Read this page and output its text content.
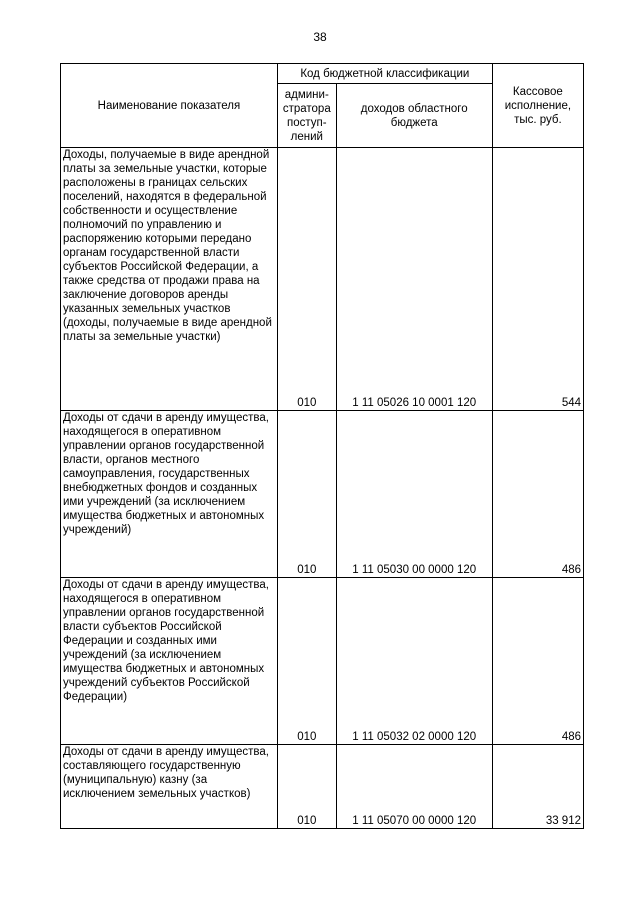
38
Наименование показателя	Код бюджетной классификации		Кассовое исполнение, тыс. руб.
	админи-стратора поступ-лений	доходов областного бюджета	
Доходы, получаемые в виде арендной платы за земельные участки, которые расположены в границах сельских поселений, находятся в федеральной собственности и осуществление полномочий по управлению и распоряжению которыми передано органам государственной власти субъектов Российской Федерации, а также средства от продажи права на заключение договоров аренды указанных земельных участков (доходы, получаемые в виде арендной платы за земельные участки)	010	1 11 05026 10 0001 120	544
Доходы от сдачи в аренду имущества, находящегося в оперативном управлении органов государственной власти, органов местного самоуправления, государственных внебюджетных фондов и созданных ими учреждений (за исключением имущества бюджетных и автономных учреждений)	010	1 11 05030 00 0000 120	486
Доходы от сдачи в аренду имущества, находящегося в оперативном управлении органов государственной власти субъектов Российской Федерации и созданных ими учреждений (за исключением имущества бюджетных и автономных учреждений субъектов Российской Федерации)	010	1 11 05032 02 0000 120	486
Доходы от сдачи в аренду имущества, составляющего государственную (муниципальную) казну (за исключением земельных участков)	010	1 11 05070 00 0000 120	33 912
